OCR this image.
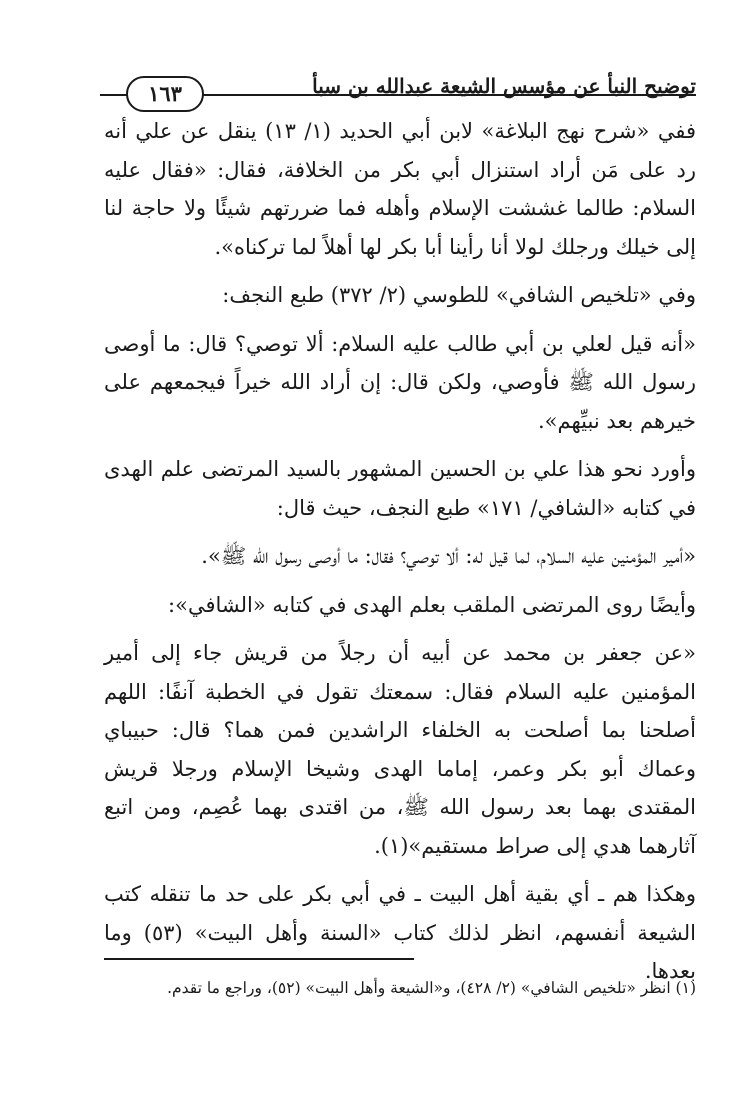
توضيح النبأ عن مؤسس الشيعة عبدالله بن سبأ
١٦٣

ففي «شرح نهج البلاغة» لابن أبي الحديد (١/ ١٣) ينقل عن علي أنه رد على مَن أراد استنزال أبي بكر من الخلافة، فقال: «فقال عليه السلام: طالما غششت الإسلام وأهله فما ضررتهم شيئًا ولا حاجة لنا إلى خيلك ورجلك لولا أنا رأينا أبا بكر لها أهلاً لما تركناه».

وفي «تلخيص الشافي» للطوسي (٢/ ٣٧٢) طبع النجف:

«أنه قيل لعلي بن أبي طالب عليه السلام: ألا توصي؟ قال: ما أوصى رسول الله ﷺ فأوصي، ولكن قال: إن أراد الله خيراً فيجمعهم على خيرهم بعد نبيِّهم».

وأورد نحو هذا علي بن الحسين المشهور بالسيد المرتضى علم الهدى في كتابه «الشافي/ ١٧١» طبع النجف، حيث قال:

«أمير المؤمنين عليه السلام، لما قيل له: ألا توصي؟ فقال: ما أوصى رسول الله ﷺ».

وأيضًا روى المرتضى الملقب بعلم الهدى في كتابه «الشافي»:

«عن جعفر بن محمد عن أبيه أن رجلاً من قريش جاء إلى أمير المؤمنين عليه السلام فقال: سمعتك تقول في الخطبة آنفًا: اللهم أصلحنا بما أصلحت به الخلفاء الراشدين فمن هما؟ قال: حبيباي وعماك أبو بكر وعمر، إماما الهدى وشيخا الإسلام ورجلا قريش المقتدى بهما بعد رسول الله ﷺ، من اقتدى بهما عُصِم، ومن اتبع آثارهما هدي إلى صراط مستقيم»(١).

وهكذا هم ـ أي بقية أهل البيت ـ في أبي بكر على حد ما تنقله كتب الشيعة أنفسهم، انظر لذلك كتاب «السنة وأهل البيت» (٥٣) وما بعدها.

(١) انظر «تلخيص الشافي» (٢/ ٤٢٨)، و«الشيعة وأهل البيت» (٥٢)، وراجع ما تقدم.
